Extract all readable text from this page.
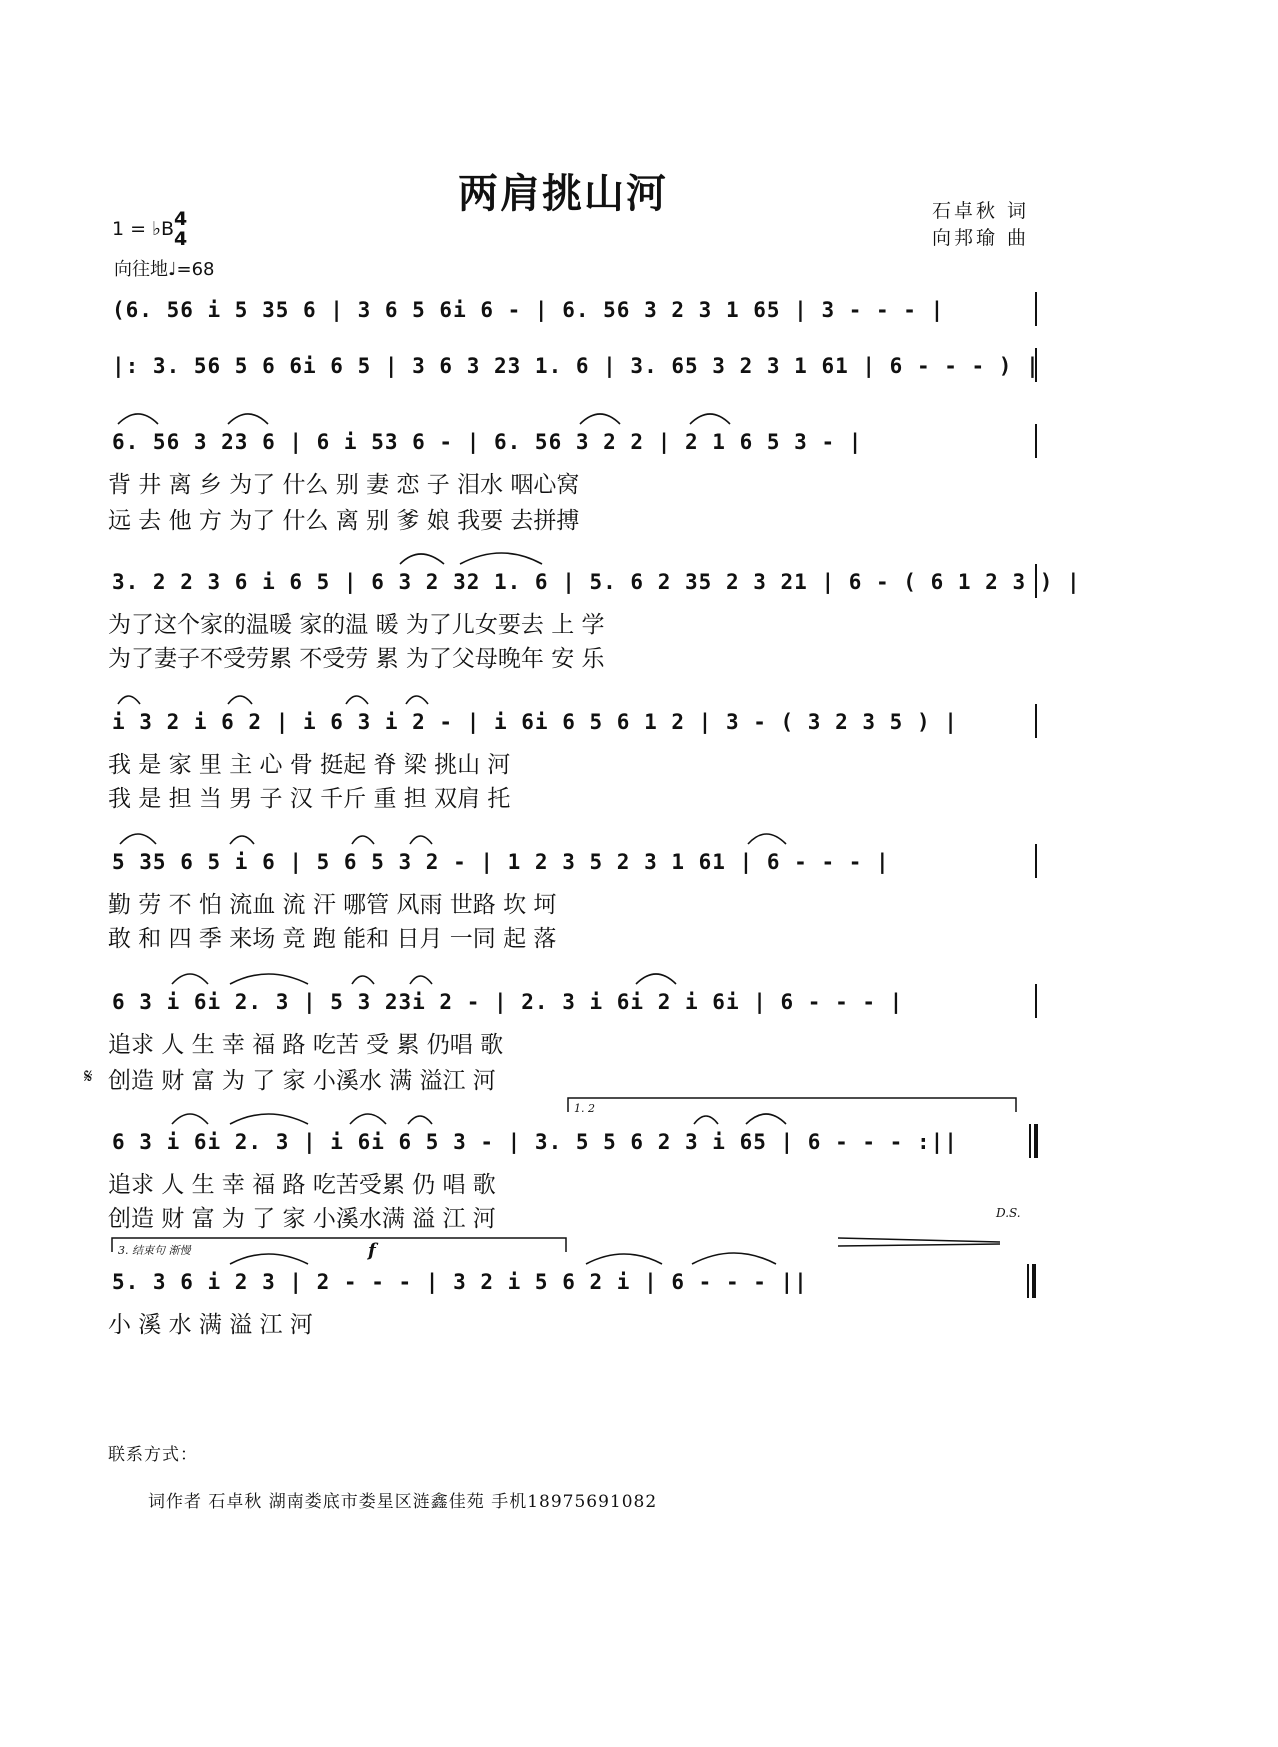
两肩挑山河	石卓秋 词
向邦瑜 曲
1 = ♭B 4
4
向往地♩=68
(6. 56 i 5 35 6 | 3 6 5 6i 6 - | 6. 56 3 2 3 1 65 | 3 - - - |
|: 3. 56 5 6 6i 6 5 | 3 6 3 23 1. 6 | 3. 65 3 2 3 1 61 | 6 - - - ) |
6. 56 3 23 6 | 6 i 53 6 - | 6. 56 3 2 2 | 2 1 6 5 3 - |
背 井 离 乡 为了 什么 别 妻 恋 子 泪水 咽心窝
远 去 他 方 为了 什么 离 别 爹 娘 我要 去拼搏
3. 2 2 3 6 i 6 5 | 6 3 2 32 1. 6 | 5. 6 2 35 2 3 21 | 6 - ( 6 1 2 3 ) |
为了这个家的温暖 家的温 暖 为了儿女要去 上 学
为了妻子不受劳累 不受劳 累 为了父母晚年 安 乐
i 3 2 i 6 2 | i 6 3 i 2 - | i 6i 6 5 6 1 2 | 3 - ( 3 2 3 5 ) |
我 是 家 里 主 心 骨 挺起 脊 梁 挑山 河
我 是 担 当 男 子 汉 千斤 重 担 双肩 托
5 35 6 5 i 6 | 5 6 5 3 2 - | 1 2 3 5 2 3 1 61 | 6 - - - |
勤 劳 不 怕 流血 流 汗 哪管 风雨 世路 坎 坷
敢 和 四 季 来场 竞 跑 能和 日月 一同 起 落
6 3 i 6i 2. 3 | 5 3 23i 2 - | 2. 3 i 6i 2 i 6i | 6 - - - |
追求 人 生 幸 福 路 吃苦 受 累 仍唱 歌
𝄋 创造 财 富 为 了 家 小溪水 满 溢江 河
1. 2
6 3 i 6i 2. 3 | i 6i 6 5 3 - | 3. 5 5 6 2 3 i 65 | 6 - - - :||
追求 人 生 幸 福 路 吃苦受累 仍 唱 歌
创造 财 富 为 了 家 小溪水满 溢 江 河	D.S.
3. 结束句 渐慢	f
5. 3 6 i 2 3 | 2 - - - | 3 2 i 5 6 2 i | 6 - - - ||
小 溪 水 满 溢 江 河
联系方式：
词作者 石卓秋 湖南娄底市娄星区涟鑫佳苑 手机18975691082
